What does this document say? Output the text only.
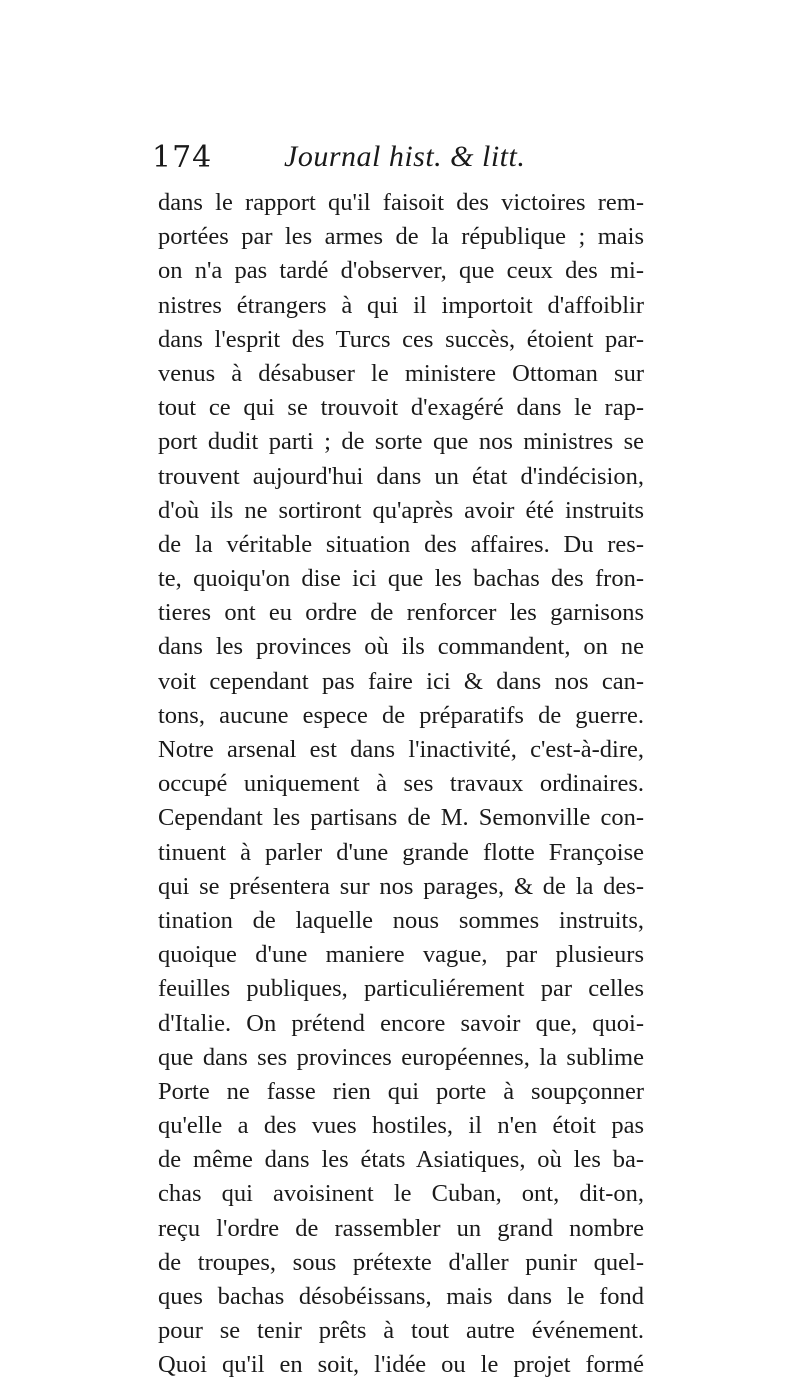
174 Journal hist. & litt.
dans le rapport qu'il faisoit des victoires rem-
portées par les armes de la république ; mais
on n'a pas tardé d'observer, que ceux des mi-
nistres étrangers à qui il importoit d'affoiblir
dans l'esprit des Turcs ces succès, étoient par-
venus à désabuser le ministere Ottoman sur
tout ce qui se trouvoit d'exagéré dans le rap-
port dudit parti ; de sorte que nos ministres se
trouvent aujourd'hui dans un état d'indécision,
d'où ils ne sortiront qu'après avoir été instruits
de la véritable situation des affaires. Du res-
te, quoiqu'on dise ici que les bachas des fron-
tieres ont eu ordre de renforcer les garnisons
dans les provinces où ils commandent, on ne
voit cependant pas faire ici & dans nos can-
tons, aucune espece de préparatifs de guerre.
Notre arsenal est dans l'inactivité, c'est-à-dire,
occupé uniquement à ses travaux ordinaires.
Cependant les partisans de M. Semonville con-
tinuent à parler d'une grande flotte Françoise
qui se présentera sur nos parages, & de la des-
tination de laquelle nous sommes instruits,
quoique d'une maniere vague, par plusieurs
feuilles publiques, particuliérement par celles
d'Italie. On prétend encore savoir que, quoi-
que dans ses provinces européennes, la sublime
Porte ne fasse rien qui porte à soupçonner
qu'elle a des vues hostiles, il n'en étoit pas
de même dans les états Asiatiques, où les ba-
chas qui avoisinent le Cuban, ont, dit-on,
reçu l'ordre de rassembler un grand nombre
de troupes, sous prétexte d'aller punir quel-
ques bachas désobéissans, mais dans le fond
pour se tenir prêts à tout autre événement.
Quoi qu'il en soit, l'idée ou le projet formé
